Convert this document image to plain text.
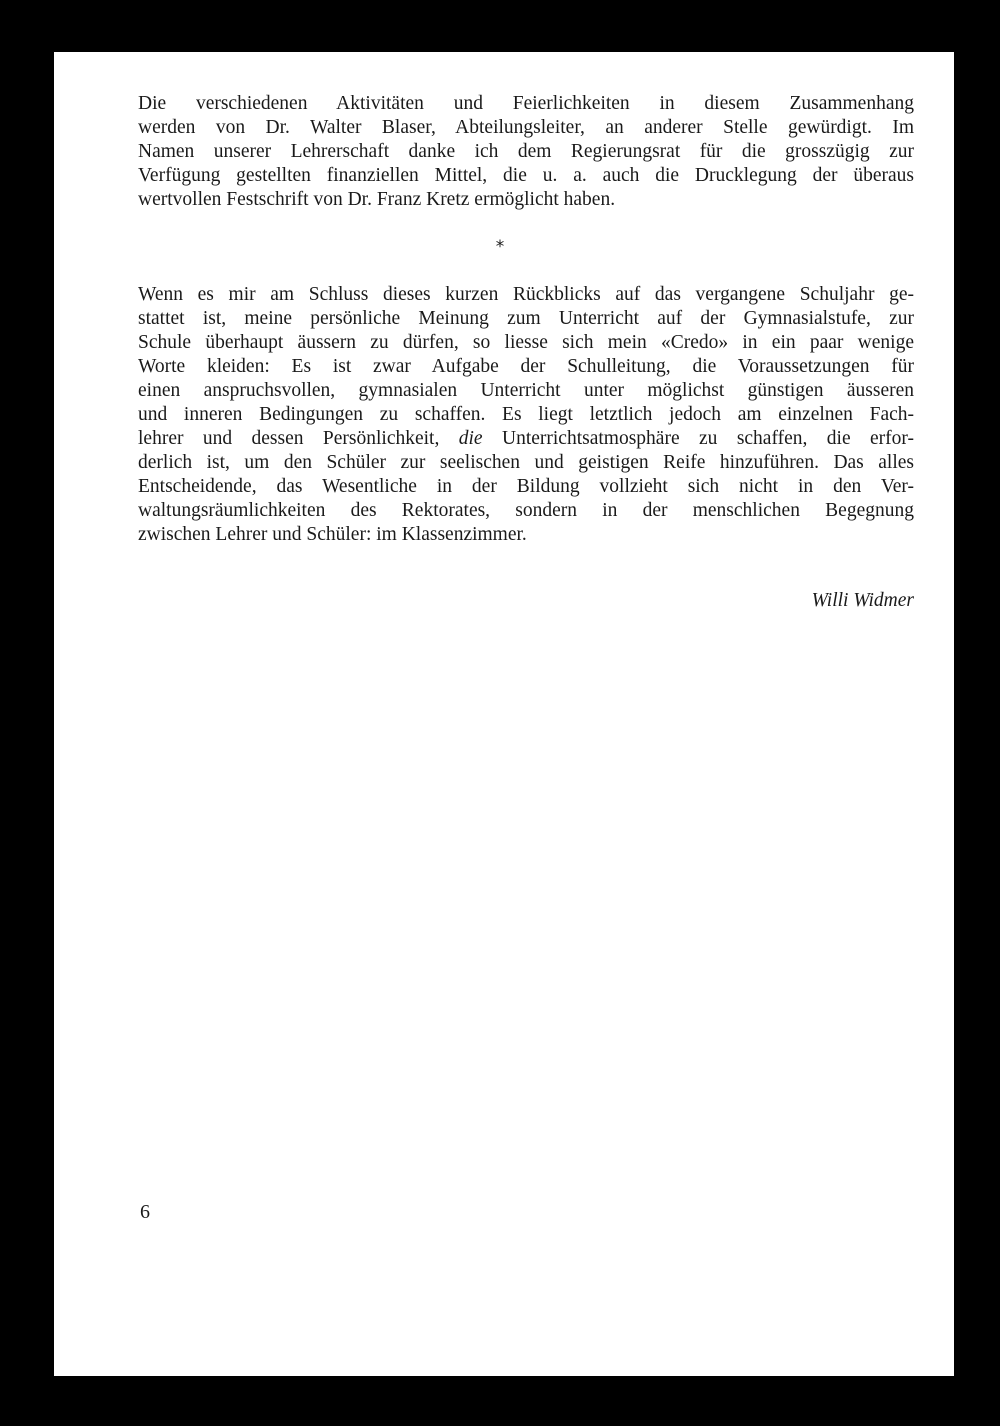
Die verschiedenen Aktivitäten und Feierlichkeiten in diesem Zusammenhang
werden von Dr. Walter Blaser, Abteilungsleiter, an anderer Stelle gewürdigt. Im
Namen unserer Lehrerschaft danke ich dem Regierungsrat für die grosszügig zur
Verfügung gestellten finanziellen Mittel, die u. a. auch die Drucklegung der überaus
wertvollen Festschrift von Dr. Franz Kretz ermöglicht haben.
*
Wenn es mir am Schluss dieses kurzen Rückblicks auf das vergangene Schuljahr ge-
stattet ist, meine persönliche Meinung zum Unterricht auf der Gymnasialstufe, zur
Schule überhaupt äussern zu dürfen, so liesse sich mein «Credo» in ein paar wenige
Worte kleiden: Es ist zwar Aufgabe der Schulleitung, die Voraussetzungen für
einen anspruchsvollen, gymnasialen Unterricht unter möglichst günstigen äusseren
und inneren Bedingungen zu schaffen. Es liegt letztlich jedoch am einzelnen Fach-
lehrer und dessen Persönlichkeit, die Unterrichtsatmosphäre zu schaffen, die erfor-
derlich ist, um den Schüler zur seelischen und geistigen Reife hinzuführen. Das alles
Entscheidende, das Wesentliche in der Bildung vollzieht sich nicht in den Ver-
waltungsräumlichkeiten des Rektorates, sondern in der menschlichen Begegnung
zwischen Lehrer und Schüler: im Klassenzimmer.
Willi Widmer
6
